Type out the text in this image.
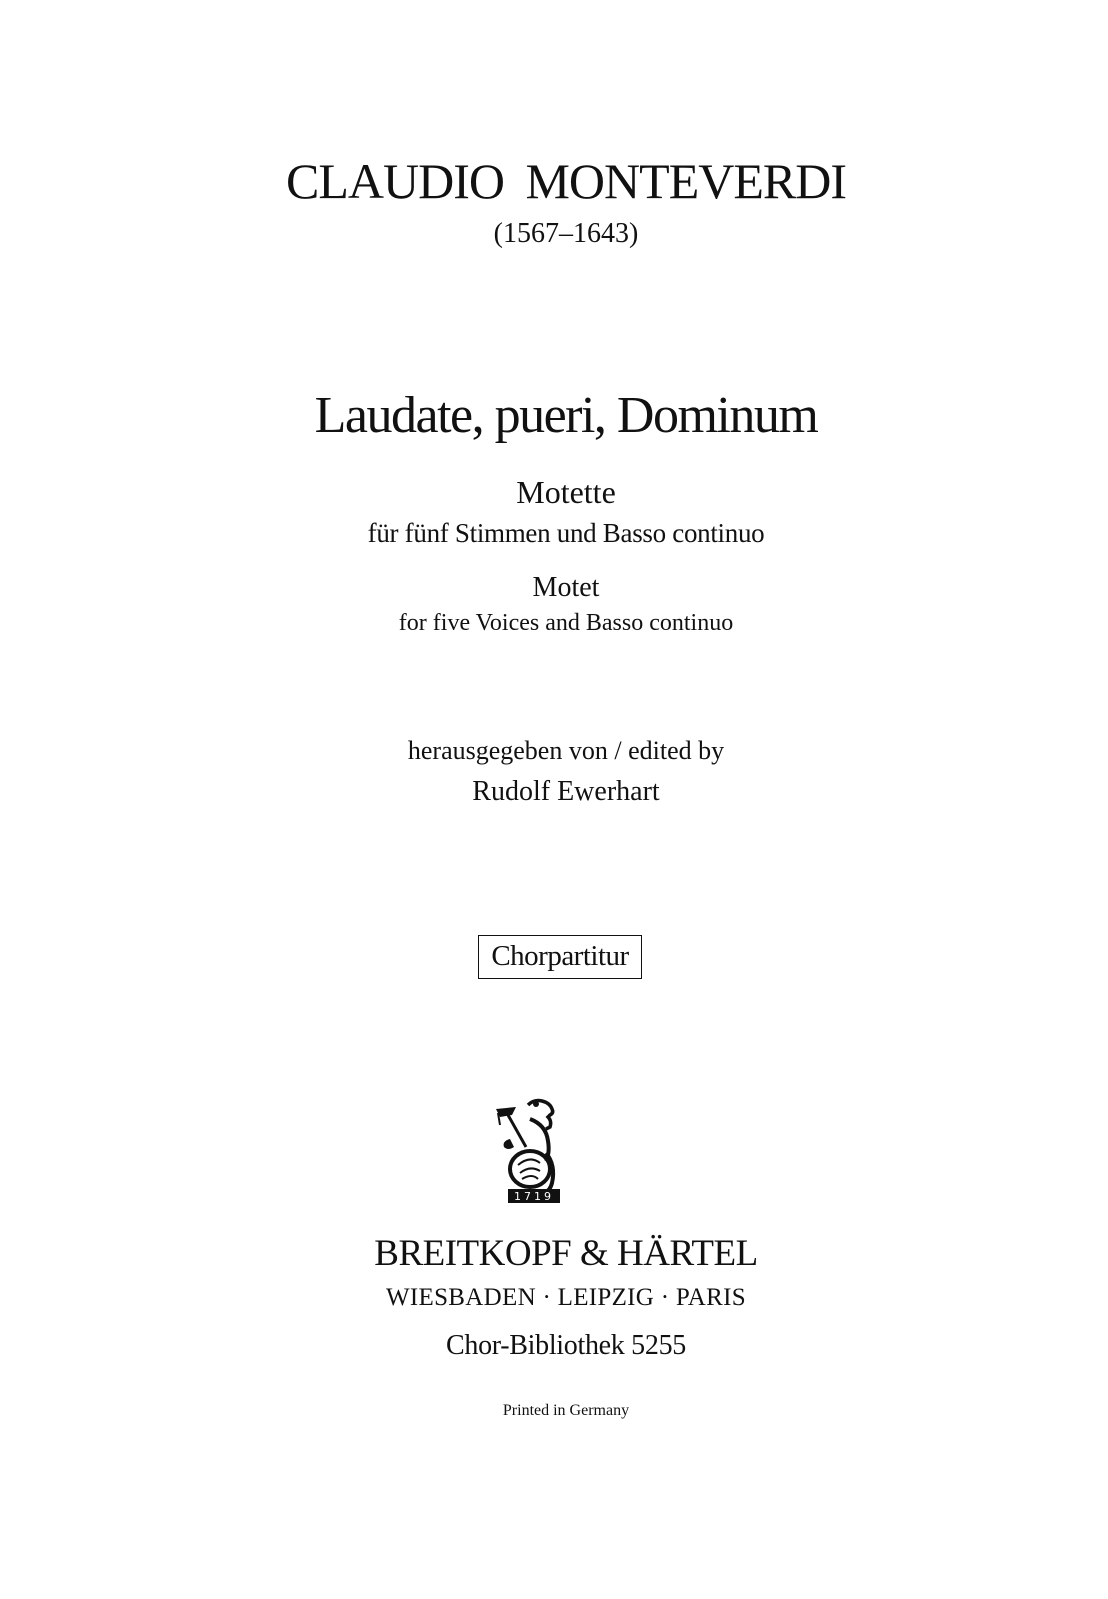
CLAUDIO MONTEVERDI
(1567–1643)
Laudate, pueri, Dominum
Motette
für fünf Stimmen und Basso continuo
Motet
for five Voices and Basso continuo
herausgegeben von / edited by
Rudolf Ewerhart
Chorpartitur
1719
BREITKOPF & HÄRTEL
WIESBADEN · LEIPZIG · PARIS
Chor-Bibliothek 5255
Printed in Germany
